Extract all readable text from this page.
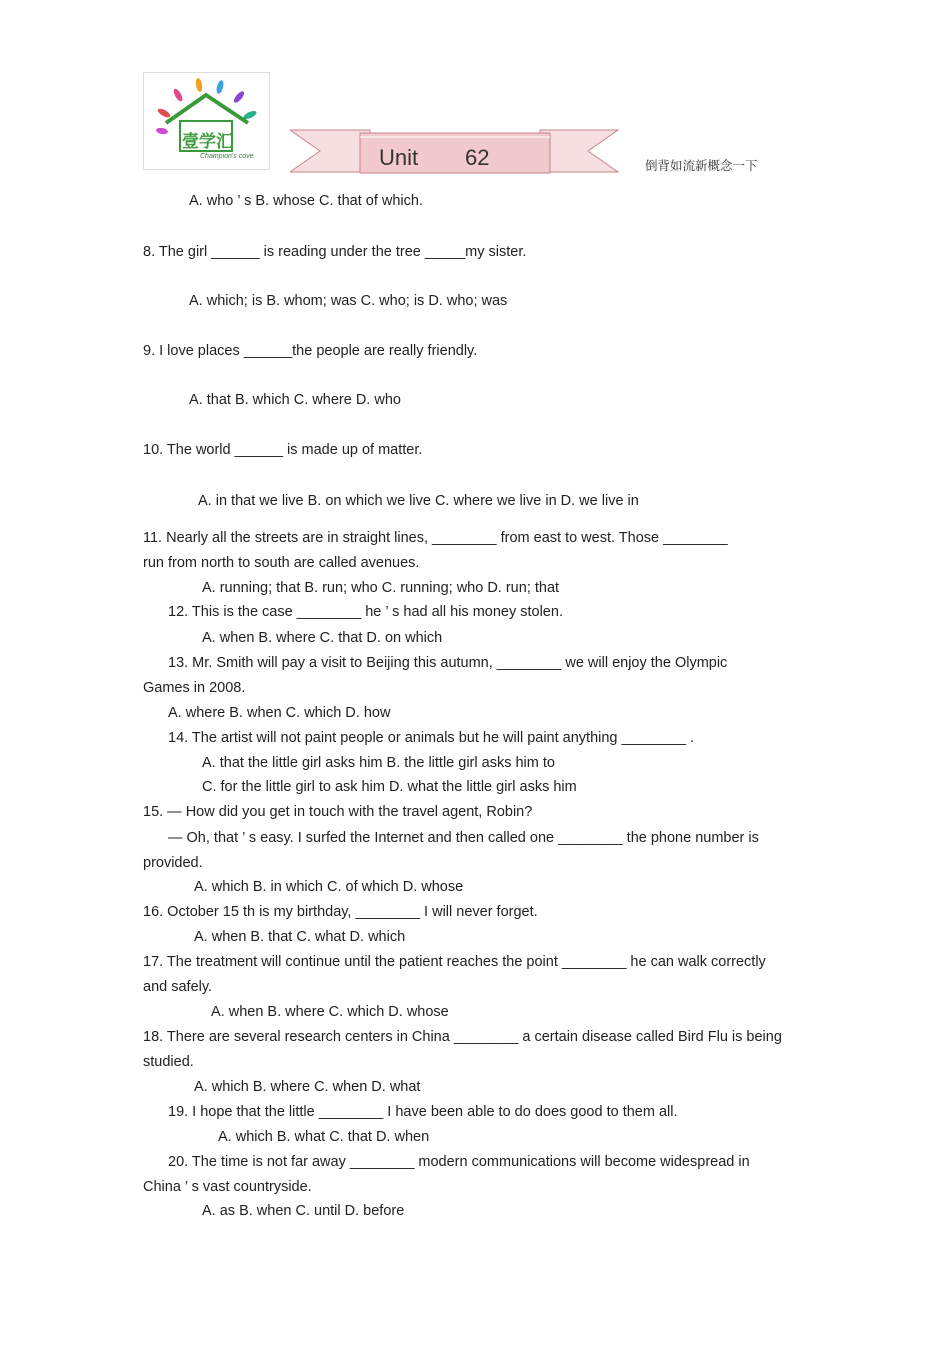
壹学汇
Champion's cove	Unit 62	倒背如流新概念一下
A. who ’ s B. whose C. that of which.
8. The girl ______ is reading under the tree _____my sister.
A. which; is B. whom; was C. who; is D. who; was
9. I love places ______the people are really friendly.
A. that B. which C. where D. who
10. The world ______ is made up of matter.
A. in that we live B. on which we live C. where we live in D. we live in
11. Nearly all the streets are in straight lines, ________ from east to west. Those ________
run from north to south are called avenues.
A. running; that B. run; who C. running; who D. run; that
12. This is the case ________ he ’ s had all his money stolen.
A. when B. where C. that D. on which
13. Mr. Smith will pay a visit to Beijing this autumn, ________ we will enjoy the Olympic
Games in 2008.
A. where B. when C. which D. how
14. The artist will not paint people or animals but he will paint anything ________ .
A. that the little girl asks him B. the little girl asks him to
C. for the little girl to ask him D. what the little girl asks him
15. — How did you get in touch with the travel agent, Robin?
— Oh, that ’ s easy. I surfed the Internet and then called one ________ the phone number is
provided.
A. which B. in which C. of which D. whose
16. October 15 th is my birthday, ________ I will never forget.
A. when B. that C. what D. which
17. The treatment will continue until the patient reaches the point ________ he can walk correctly
and safely.
A. when B. where C. which D. whose
18. There are several research centers in China ________ a certain disease called Bird Flu is being
studied.
A. which B. where C. when D. what
19. I hope that the little ________ I have been able to do does good to them all.
A. which B. what C. that D. when
20. The time is not far away ________ modern communications will become widespread in
China ’ s vast countryside.
A. as B. when C. until D. before
